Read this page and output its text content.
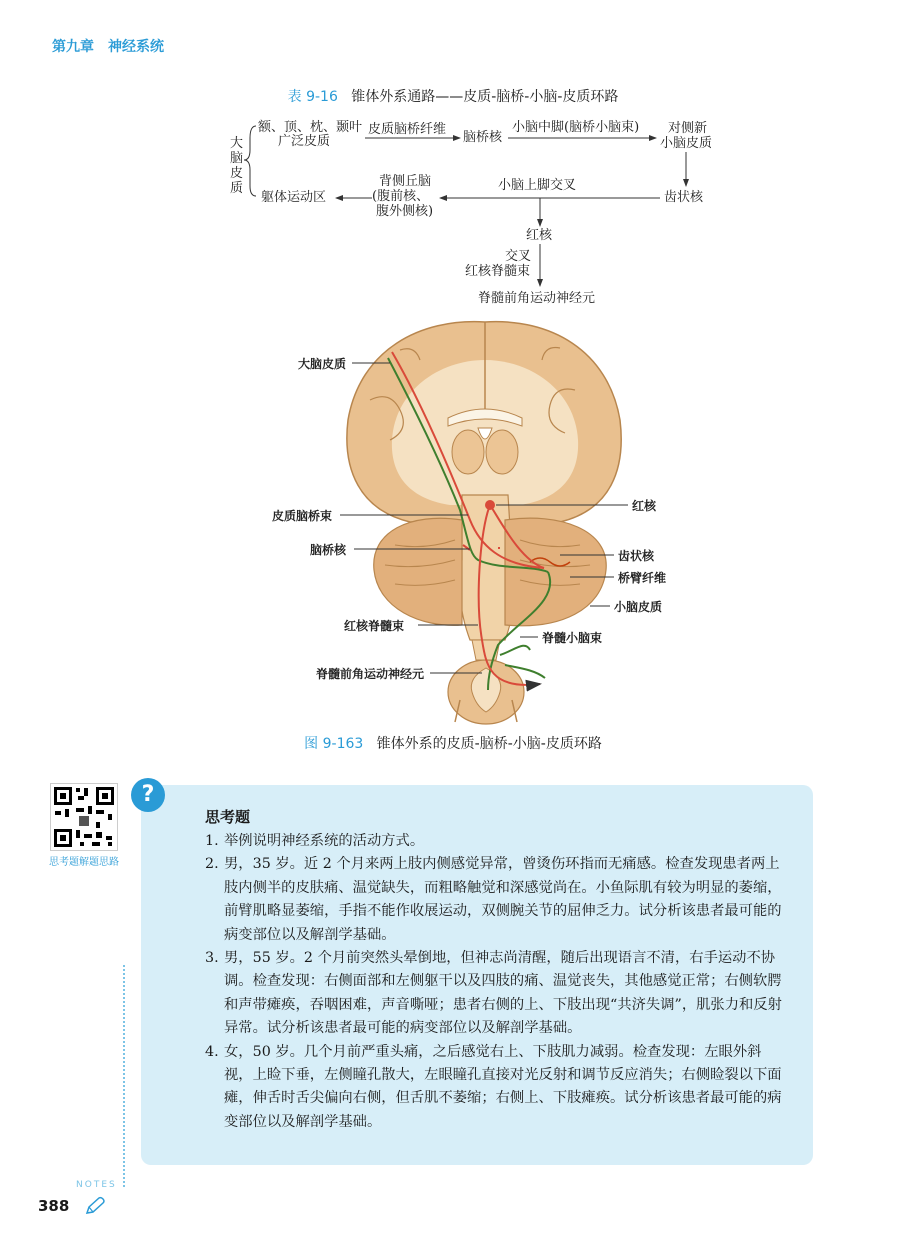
第九章　神经系统
表 9-16 锥体外系通路——皮质-脑桥-小脑-皮质环路
大脑皮质
额、顶、枕、颞叶
广泛皮质
皮质脑桥纤维
脑桥核
小脑中脚(脑桥小脑束) 对侧新
小脑皮质
齿状核
小脑上脚交叉
背侧丘脑
(腹前核、
腹外侧核)
躯体运动区
红核
交叉
红核脊髓束
脊髓前角运动神经元
大脑皮质
皮质脑桥束
脑桥核
红核脊髓束
脊髓前角运动神经元
红核
齿状核
桥臂纤维
小脑皮质
脊髓小脑束
图 9-163 锥体外系的皮质-脑桥-小脑-皮质环路
思考题解题思路
?
思考题

1. 举例说明神经系统的活动方式。

2. 男，35 岁。近 2 个月来两上肢内侧感觉异常，曾烫伤环指而无痛感。检查发现患者两上肢内侧半的皮肤痛、温觉缺失，而粗略触觉和深感觉尚在。小鱼际肌有较为明显的萎缩，前臂肌略显萎缩，手指不能作收展运动，双侧腕关节的屈伸乏力。试分析该患者最可能的病变部位以及解剖学基础。

3. 男，55 岁。2 个月前突然头晕倒地，但神志尚清醒，随后出现语言不清，右手运动不协调。检查发现：右侧面部和左侧躯干以及四肢的痛、温觉丧失，其他感觉正常；右侧软腭和声带瘫痪，吞咽困难，声音嘶哑；患者右侧的上、下肢出现“共济失调”，肌张力和反射异常。试分析该患者最可能的病变部位以及解剖学基础。

4. 女，50 岁。几个月前严重头痛，之后感觉右上、下肢肌力减弱。检查发现：左眼外斜视，上睑下垂，左侧瞳孔散大，左眼瞳孔直接对光反射和调节反应消失；右侧睑裂以下面瘫，伸舌时舌尖偏向右侧，但舌肌不萎缩；右侧上、下肢瘫痪。试分析该患者最可能的病变部位以及解剖学基础。

NOTES
388
